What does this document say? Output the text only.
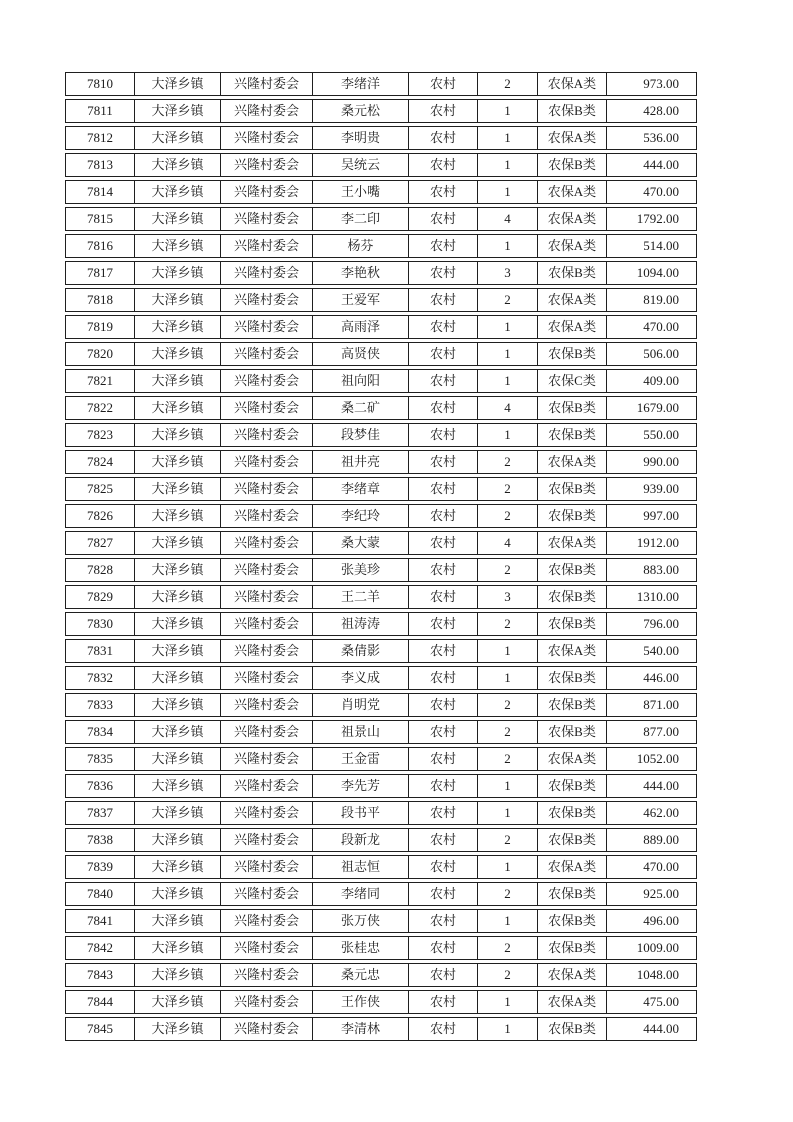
7810	大泽乡镇	兴隆村委会	李绪洋	农村	2	农保A类	973.00
7811	大泽乡镇	兴隆村委会	桑元松	农村	1	农保B类	428.00
7812	大泽乡镇	兴隆村委会	李明贵	农村	1	农保A类	536.00
7813	大泽乡镇	兴隆村委会	吴统云	农村	1	农保B类	444.00
7814	大泽乡镇	兴隆村委会	王小嘴	农村	1	农保A类	470.00
7815	大泽乡镇	兴隆村委会	李二印	农村	4	农保A类	1792.00
7816	大泽乡镇	兴隆村委会	杨芬	农村	1	农保A类	514.00
7817	大泽乡镇	兴隆村委会	李艳秋	农村	3	农保B类	1094.00
7818	大泽乡镇	兴隆村委会	王爱军	农村	2	农保A类	819.00
7819	大泽乡镇	兴隆村委会	高雨泽	农村	1	农保A类	470.00
7820	大泽乡镇	兴隆村委会	高贤侠	农村	1	农保B类	506.00
7821	大泽乡镇	兴隆村委会	祖向阳	农村	1	农保C类	409.00
7822	大泽乡镇	兴隆村委会	桑二矿	农村	4	农保B类	1679.00
7823	大泽乡镇	兴隆村委会	段梦佳	农村	1	农保B类	550.00
7824	大泽乡镇	兴隆村委会	祖井亮	农村	2	农保A类	990.00
7825	大泽乡镇	兴隆村委会	李绪章	农村	2	农保B类	939.00
7826	大泽乡镇	兴隆村委会	李纪玲	农村	2	农保B类	997.00
7827	大泽乡镇	兴隆村委会	桑大蒙	农村	4	农保A类	1912.00
7828	大泽乡镇	兴隆村委会	张美珍	农村	2	农保B类	883.00
7829	大泽乡镇	兴隆村委会	王二羊	农村	3	农保B类	1310.00
7830	大泽乡镇	兴隆村委会	祖涛涛	农村	2	农保B类	796.00
7831	大泽乡镇	兴隆村委会	桑倩影	农村	1	农保A类	540.00
7832	大泽乡镇	兴隆村委会	李义成	农村	1	农保B类	446.00
7833	大泽乡镇	兴隆村委会	肖明党	农村	2	农保B类	871.00
7834	大泽乡镇	兴隆村委会	祖景山	农村	2	农保B类	877.00
7835	大泽乡镇	兴隆村委会	王金雷	农村	2	农保A类	1052.00
7836	大泽乡镇	兴隆村委会	李先芳	农村	1	农保B类	444.00
7837	大泽乡镇	兴隆村委会	段书平	农村	1	农保B类	462.00
7838	大泽乡镇	兴隆村委会	段新龙	农村	2	农保B类	889.00
7839	大泽乡镇	兴隆村委会	祖志恒	农村	1	农保A类	470.00
7840	大泽乡镇	兴隆村委会	李绪同	农村	2	农保B类	925.00
7841	大泽乡镇	兴隆村委会	张万侠	农村	1	农保B类	496.00
7842	大泽乡镇	兴隆村委会	张桂忠	农村	2	农保B类	1009.00
7843	大泽乡镇	兴隆村委会	桑元忠	农村	2	农保A类	1048.00
7844	大泽乡镇	兴隆村委会	王作侠	农村	1	农保A类	475.00
7845	大泽乡镇	兴隆村委会	李清林	农村	1	农保B类	444.00
